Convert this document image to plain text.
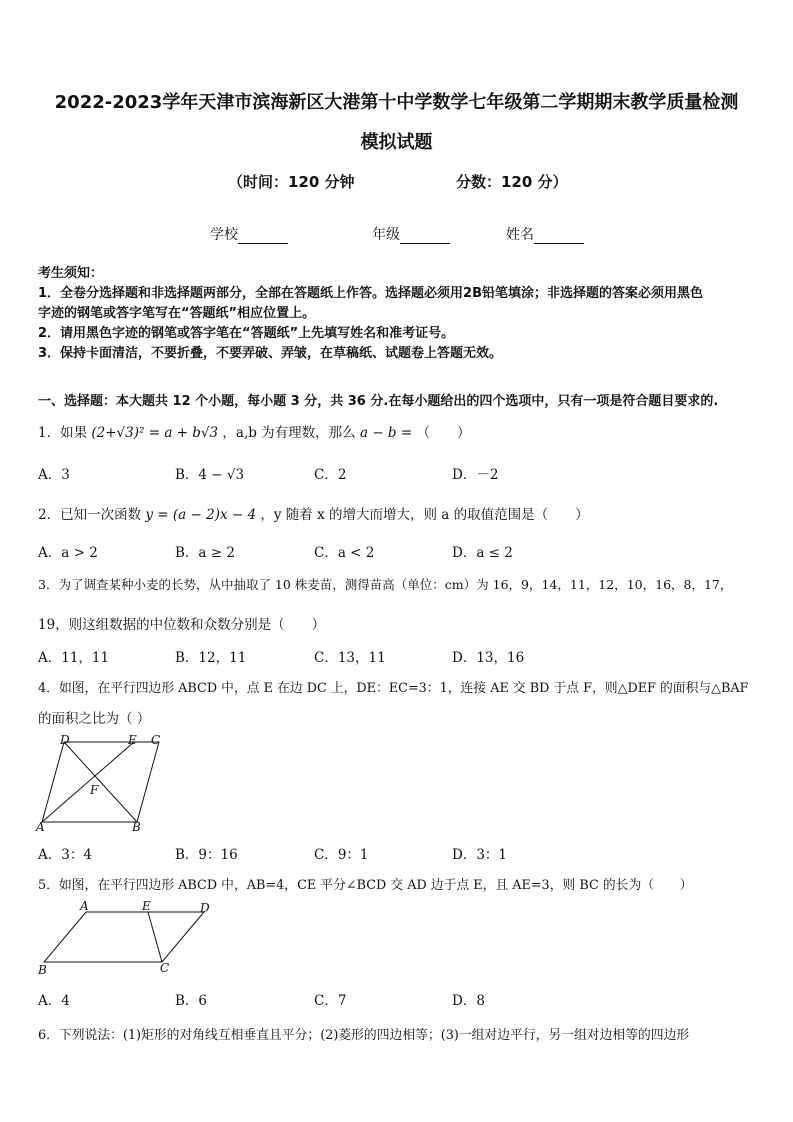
2022-2023学年天津市滨海新区大港第十中学数学七年级第二学期期末教学质量检测
模拟试题
（时间：120 分钟	分数：120 分）
学校	年级	姓名
考生须知：
1．全卷分选择题和非选择题两部分，全部在答题纸上作答。选择题必须用2B铅笔填涂；非选择题的答案必须用黑色
字迹的钢笔或答字笔写在“答题纸”相应位置上。
2．请用黑色字迹的钢笔或答字笔在“答题纸”上先填写姓名和准考证号。
3．保持卡面清洁，不要折叠，不要弄破、弄皱，在草稿纸、试题卷上答题无效。
一、选择题：本大题共 12 个小题，每小题 3 分，共 36 分.在每小题给出的四个选项中，只有一项是符合题目要求的.
1．如果 (2+√3)² = a + b√3 ，a,b 为有理数，那么 a − b = （　　）
A．3	B．4 − √3	C．2	D．－2
2．已知一次函数 y = (a − 2)x − 4 ，y 随着 x 的增大而增大，则 a 的取值范围是（　　）
A．a > 2	B．a ≥ 2	C．a < 2	D．a ≤ 2
3．为了调查某种小麦的长势，从中抽取了 10 株麦苗，测得苗高（单位：cm）为 16，9，14，11，12，10，16，8，17，
19，则这组数据的中位数和众数分别是（　　）
A．11，11	B．12，11	C．13，11	D．13，16
4．如图，在平行四边形 ABCD 中，点 E 在边 DC 上，DE：EC=3：1，连接 AE 交 BD 于点 F，则△DEF 的面积与△BAF
的面积之比为（ ）
D	E C
F
A	B
A．3：4	B．9：16	C．9：1	D．3：1
5．如图，在平行四边形 ABCD 中，AB=4，CE 平分∠BCD 交 AD 边于点 E，且 AE=3，则 BC 的长为（　　）
A	E	D
B	C
A．4	B．6	C．7	D．8
6．下列说法：(1)矩形的对角线互相垂直且平分；(2)菱形的四边相等；(3)一组对边平行，另一组对边相等的四边形
